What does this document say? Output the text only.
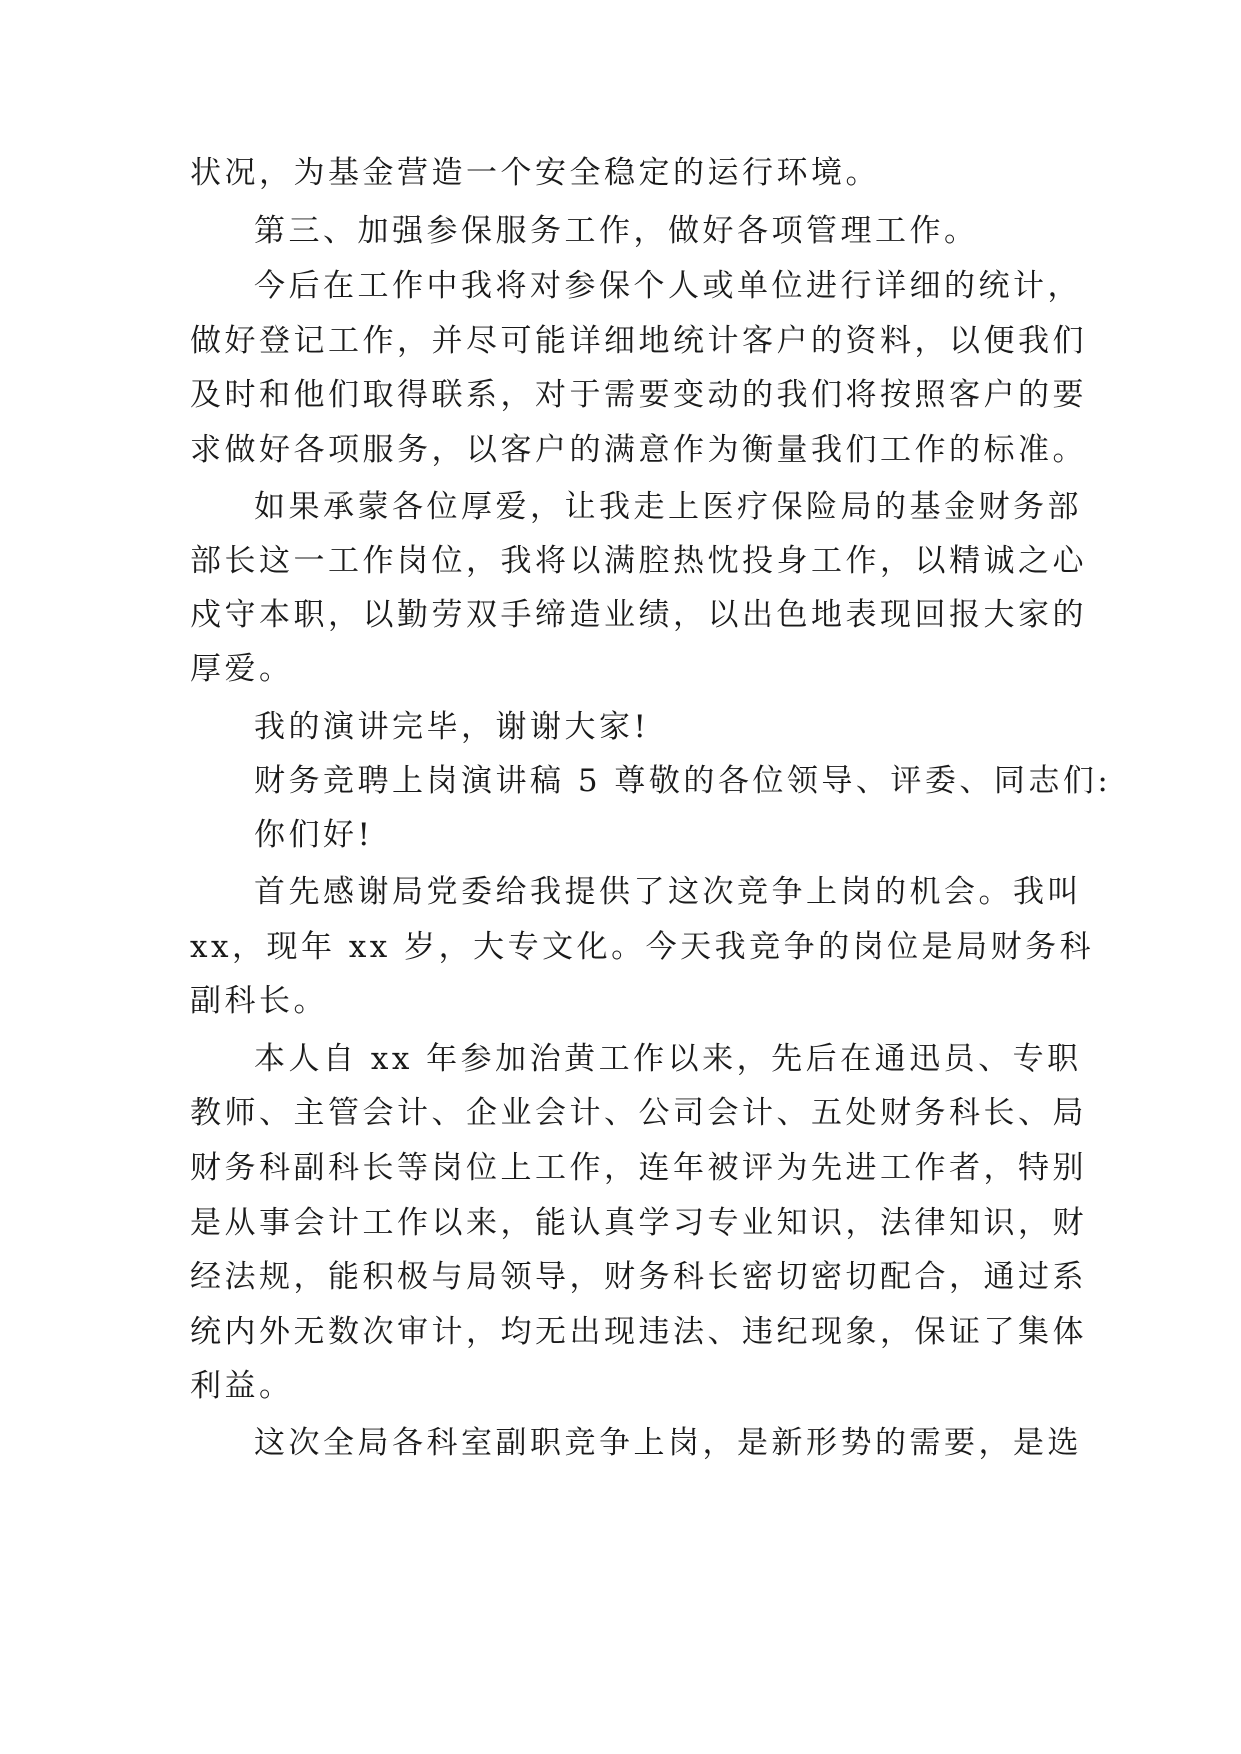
状况，为基金营造一个安全稳定的运行环境。
第三、加强参保服务工作，做好各项管理工作。
今后在工作中我将对参保个人或单位进行详细的统计，
做好登记工作，并尽可能详细地统计客户的资料，以便我们
及时和他们取得联系，对于需要变动的我们将按照客户的要
求做好各项服务，以客户的满意作为衡量我们工作的标准。
如果承蒙各位厚爱，让我走上医疗保险局的基金财务部
部长这一工作岗位，我将以满腔热忱投身工作，以精诚之心
戍守本职，以勤劳双手缔造业绩，以出色地表现回报大家的
厚爱。
我的演讲完毕，谢谢大家!
财务竞聘上岗演讲稿 5 尊敬的各位领导、评委、同志们:
你们好!
首先感谢局党委给我提供了这次竞争上岗的机会。我叫
xx，现年 xx 岁，大专文化。今天我竞争的岗位是局财务科
副科长。
本人自 xx 年参加治黄工作以来，先后在通迅员、专职
教师、主管会计、企业会计、公司会计、五处财务科长、局
财务科副科长等岗位上工作，连年被评为先进工作者，特别
是从事会计工作以来，能认真学习专业知识，法律知识，财
经法规，能积极与局领导，财务科长密切密切配合，通过系
统内外无数次审计，均无出现违法、违纪现象，保证了集体
利益。
这次全局各科室副职竞争上岗，是新形势的需要，是选
